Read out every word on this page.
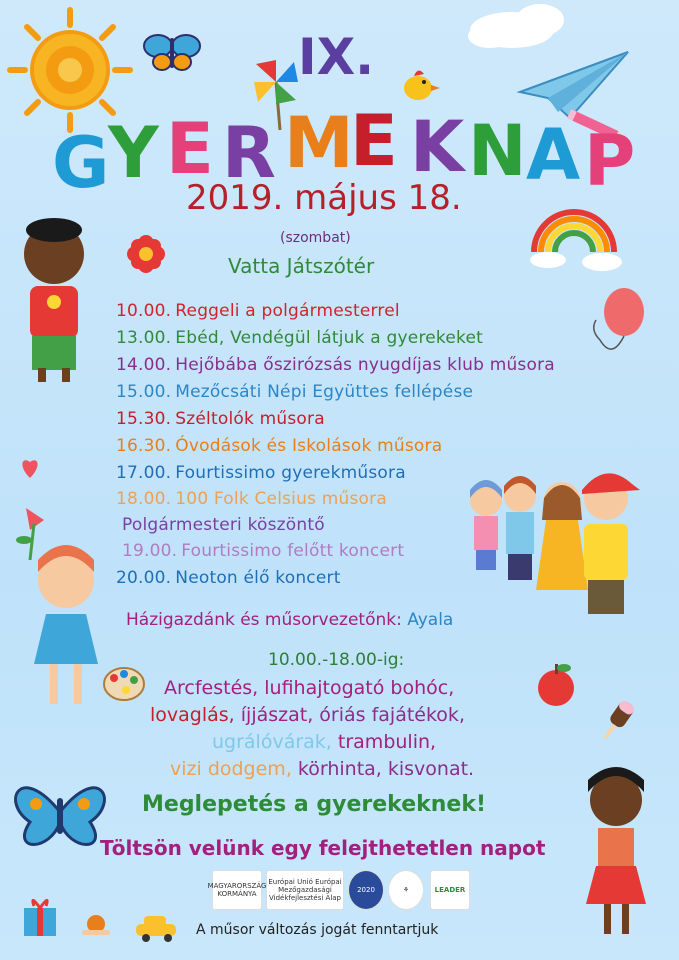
IX.
G
Y E R M
E K N A P
2019. május 18.
(szombat)
Vatta Játszótér
10.00. Reggeli a polgármesterrel
13.00. Ebéd, Vendégül látjuk a gyerekeket
14.00. Hejőbába őszirózsás nyugdíjas klub műsora
15.00. Mezőcsáti Népi Együttes fellépése
15.30. Széltolók műsora
16.30. Óvodások és Iskolások műsora
17.00. Fourtissimo gyerekműsora
18.00. 100 Folk Celsius műsora
Polgármesteri köszöntő
19.00. Fourtissimo felőtt koncert
20.00. Neoton élő koncert
Házigazdánk és műsorvezetőnk: Ayala
10.00.-18.00-ig:
Arcfestés, lufihajtogató bohóc,
lovaglás, íjjászat, óriás fajátékok,
ugrálóvárak, trambulin,
vizi dodgem, körhinta, kisvonat.
Meglepetés a gyerekeknek!
Töltsön velünk egy felejthetetlen napot
MAGYARORSZÁG KORMÁNYA
Európai Unió Európai Mezőgazdasági Vidékfejlesztési Alap
2020	⚘	LEADER
A műsor változás jogát fenntartjuk
